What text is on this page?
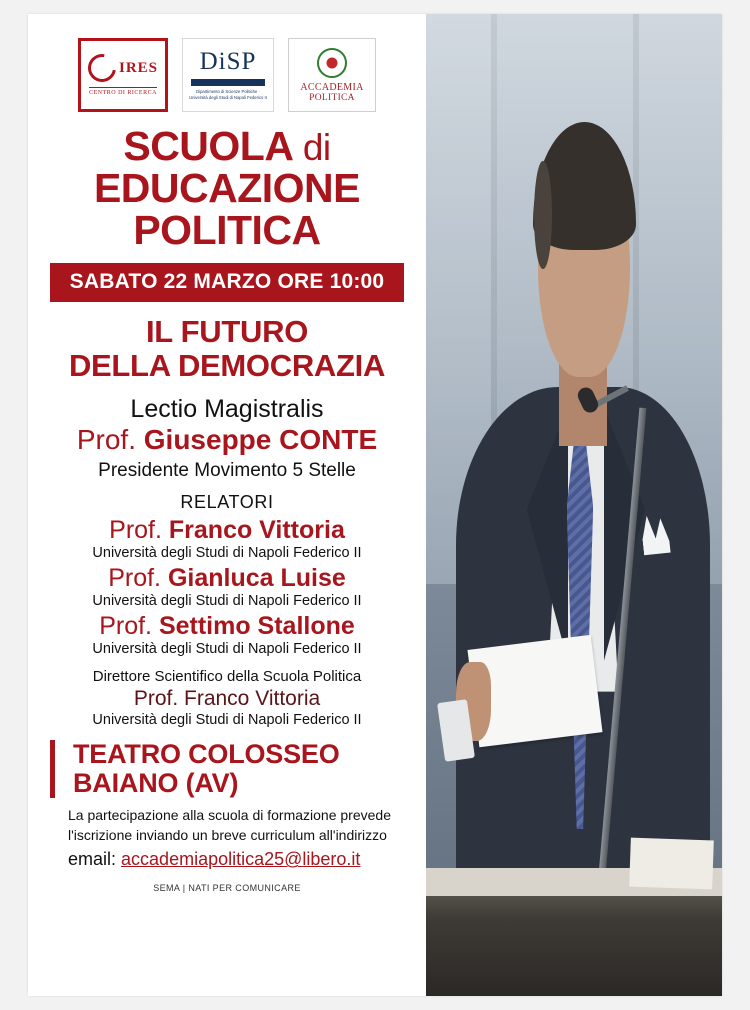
IRES
CENTRO DI RICERCA
DiSP
Dipartimento di Scienze Politiche · Università degli Studi di Napoli Federico II
ACCADEMIA
POLITICA
SCUOLA di
EDUCAZIONE
POLITICA
SABATO 22 MARZO ORE 10:00
IL FUTURO
DELLA DEMOCRAZIA
Lectio Magistralis
Prof. Giuseppe CONTE
Presidente Movimento 5 Stelle
RELATORI
Prof. Franco Vittoria
Università degli Studi di Napoli Federico II
Prof. Gianluca Luise
Università degli Studi di Napoli Federico II
Prof. Settimo Stallone
Università degli Studi di Napoli Federico II
Direttore Scientifico della Scuola Politica
Prof. Franco Vittoria
Università degli Studi di Napoli Federico II
TEATRO COLOSSEO
BAIANO (AV)
La partecipazione alla scuola di formazione prevede
l'iscrizione inviando un breve curriculum all'indirizzo
email: accademiapolitica25@libero.it
SEMA | NATI PER COMUNICARE
